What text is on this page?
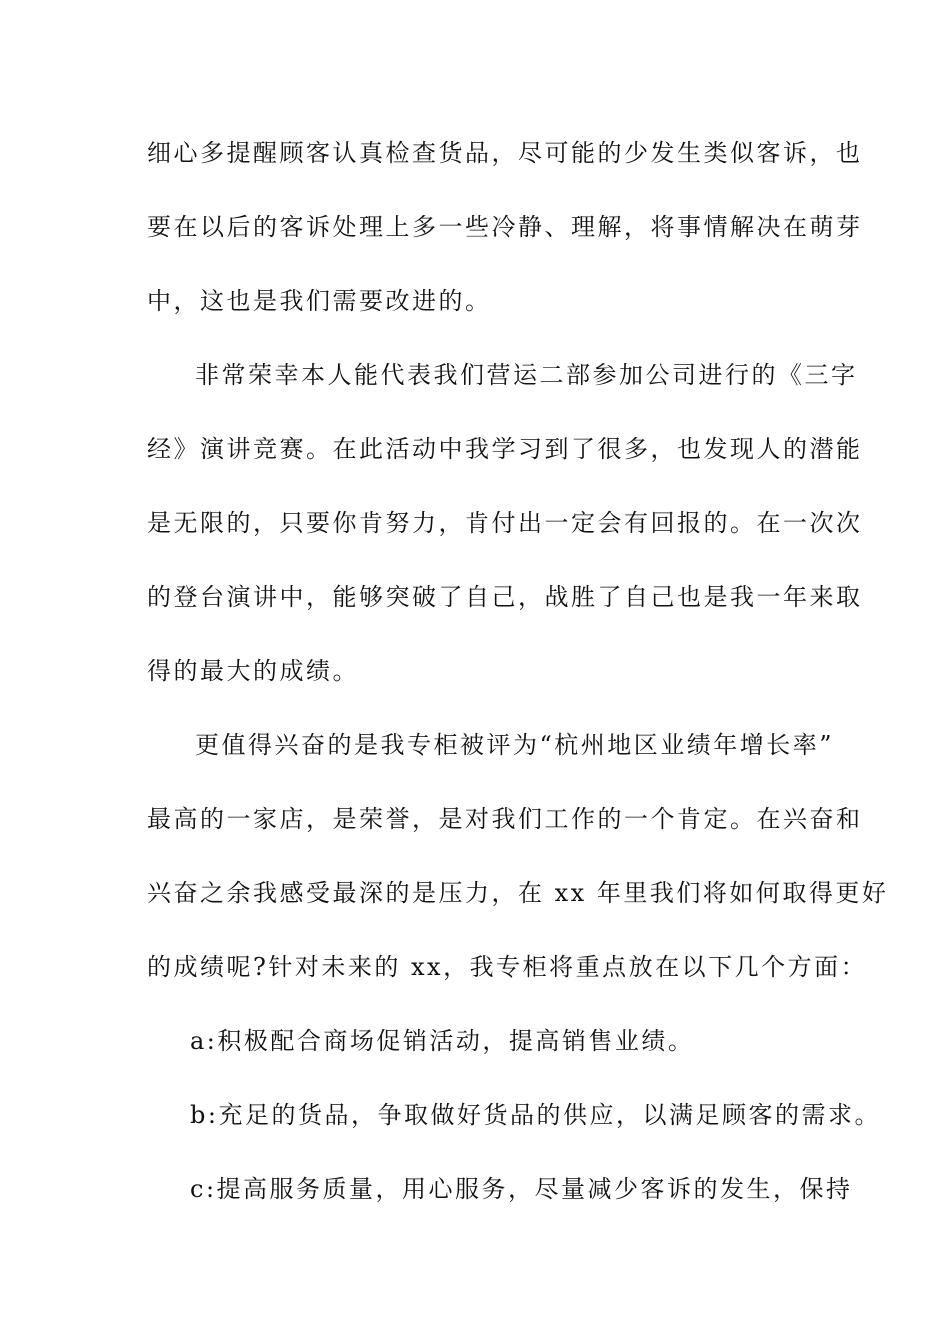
细心多提醒顾客认真检查货品，尽可能的少发生类似客诉，也
要在以后的客诉处理上多一些冷静、理解，将事情解决在萌芽
中，这也是我们需要改进的。
非常荣幸本人能代表我们营运二部参加公司进行的《三字
经》演讲竞赛。在此活动中我学习到了很多，也发现人的潜能
是无限的，只要你肯努力，肯付出一定会有回报的。在一次次
的登台演讲中，能够突破了自己，战胜了自己也是我一年来取
得的最大的成绩。
更值得兴奋的是我专柜被评为“杭州地区业绩年增长率”
最高的一家店，是荣誉，是对我们工作的一个肯定。在兴奋和
兴奋之余我感受最深的是压力，在 xx 年里我们将如何取得更好
的成绩呢?针对未来的 xx，我专柜将重点放在以下几个方面：
a:积极配合商场促销活动，提高销售业绩。
b:充足的货品，争取做好货品的供应，以满足顾客的需求。
c:提高服务质量，用心服务，尽量减少客诉的发生，保持
